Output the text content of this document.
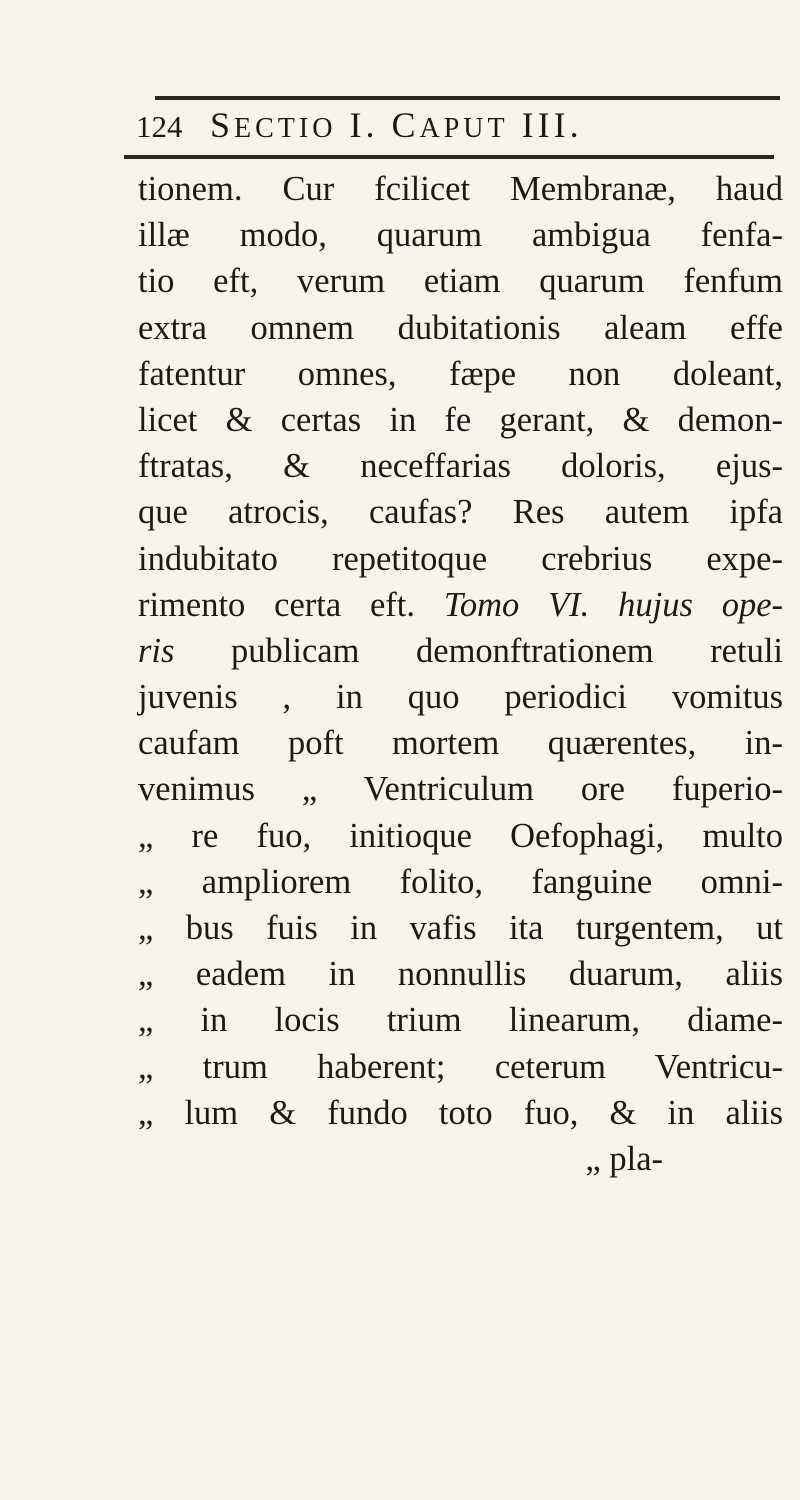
124 SECTIO I. CAPUT III.
tionem. Cur fcilicet Membranæ, haud
illæ modo, quarum ambigua fenfa-
tio eft, verum etiam quarum fenfum
extra omnem dubitationis aleam effe
fatentur omnes, fæpe non doleant,
licet & certas in fe gerant, & demon-
ftratas, & neceffarias doloris, ejus-
que atrocis, caufas? Res autem ipfa
indubitato repetitoque crebrius expe-
rimento certa eft. Tomo VI. hujus ope-
ris publicam demonftrationem retuli
juvenis , in quo periodici vomitus
caufam poft mortem quærentes, in-
venimus „ Ventriculum ore fuperio-
„ re fuo, initioque Oefophagi, multo
„ ampliorem folito, fanguine omni-
„ bus fuis in vafis ita turgentem, ut
„ eadem in nonnullis duarum, aliis
„ in locis trium linearum, diame-
„ trum haberent; ceterum Ventricu-
„ lum & fundo toto fuo, & in aliis
„ pla-
